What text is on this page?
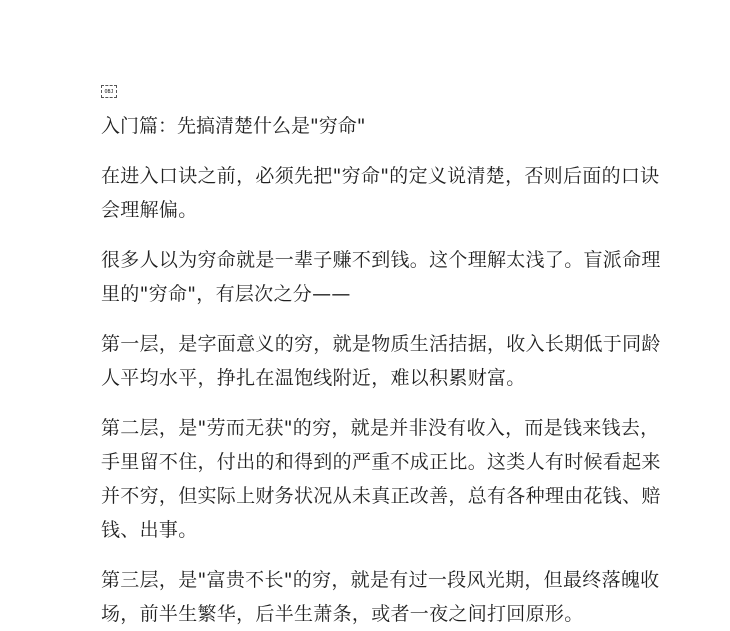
OBJ
入门篇：先搞清楚什么是"穷命"

在进入口诀之前，必须先把"穷命"的定义说清楚，否则后面的口诀会理解偏。

很多人以为穷命就是一辈子赚不到钱。这个理解太浅了。盲派命理里的"穷命"，有层次之分——

第一层，是字面意义的穷，就是物质生活拮据，收入长期低于同龄人平均水平，挣扎在温饱线附近，难以积累财富。

第二层，是"劳而无获"的穷，就是并非没有收入，而是钱来钱去，手里留不住，付出的和得到的严重不成正比。这类人有时候看起来并不穷，但实际上财务状况从未真正改善，总有各种理由花钱、赔钱、出事。

第三层，是"富贵不长"的穷，就是有过一段风光期，但最终落魄收场，前半生繁华，后半生萧条，或者一夜之间打回原形。
